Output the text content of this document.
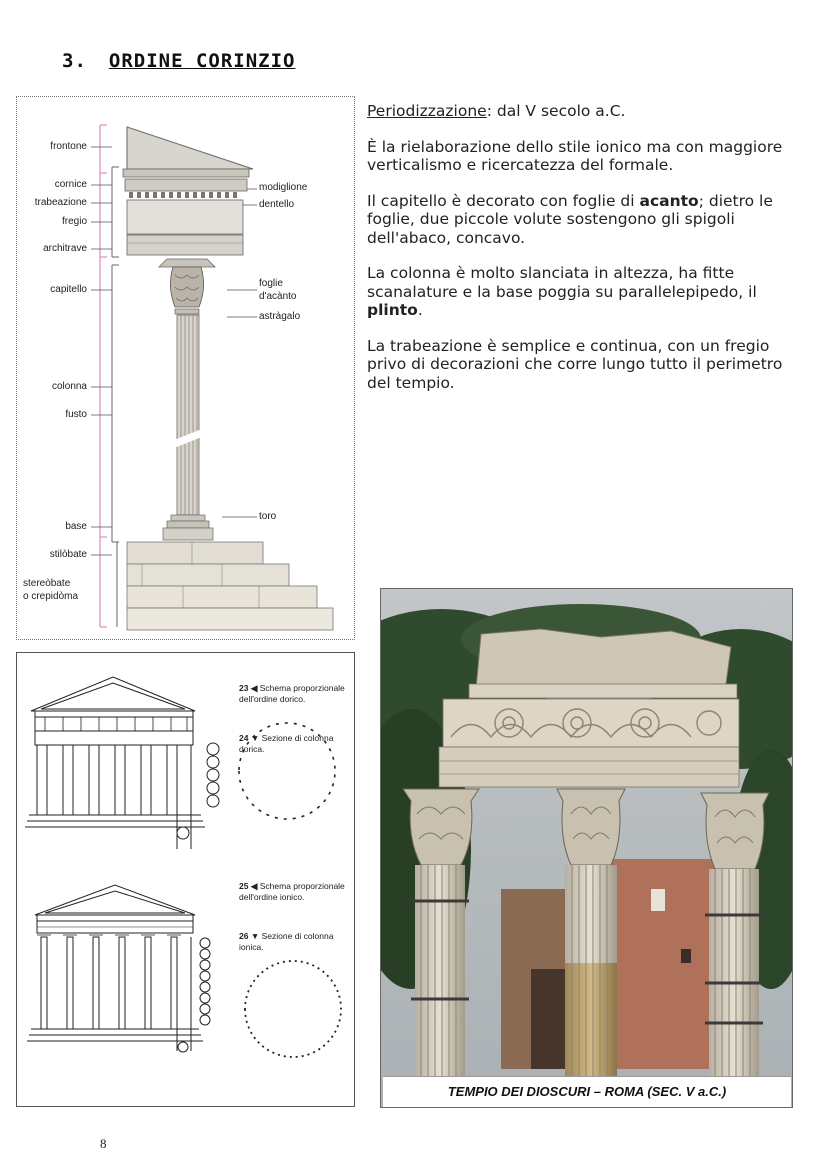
3. ORDINE CORINZIO
frontone
cornice
trabeazione
fregio
architrave
capitello
colonna
fusto
base
stilòbate
stereòbate
o crepidòma
modiglione
dentello
foglie
d'acànto
astràgalo
toro

Periodizzazione: dal V secolo a.C.

È la rielaborazione dello stile ionico ma con maggiore verticalismo e ricercatezza del formale.

Il capitello è decorato con foglie di acanto; dietro le foglie, due piccole volute sostengono gli spigoli dell'abaco, concavo.

La colonna è molto slanciata in altezza, ha fitte scanalature e la base poggia su parallelepipedo, il plinto.

La trabeazione è semplice e continua, con un fregio privo di decorazioni che corre lungo tutto il perimetro del tempio.

23 ◀ Schema proporzionale dell'ordine dorico.
24 ▼ Sezione di colonna dorica.
25 ◀ Schema proporzionale dell'ordine ionico.
26 ▼ Sezione di colonna ionica.
TEMPIO DEI DIOSCURI – ROMA (SEC. V a.C.)
8
